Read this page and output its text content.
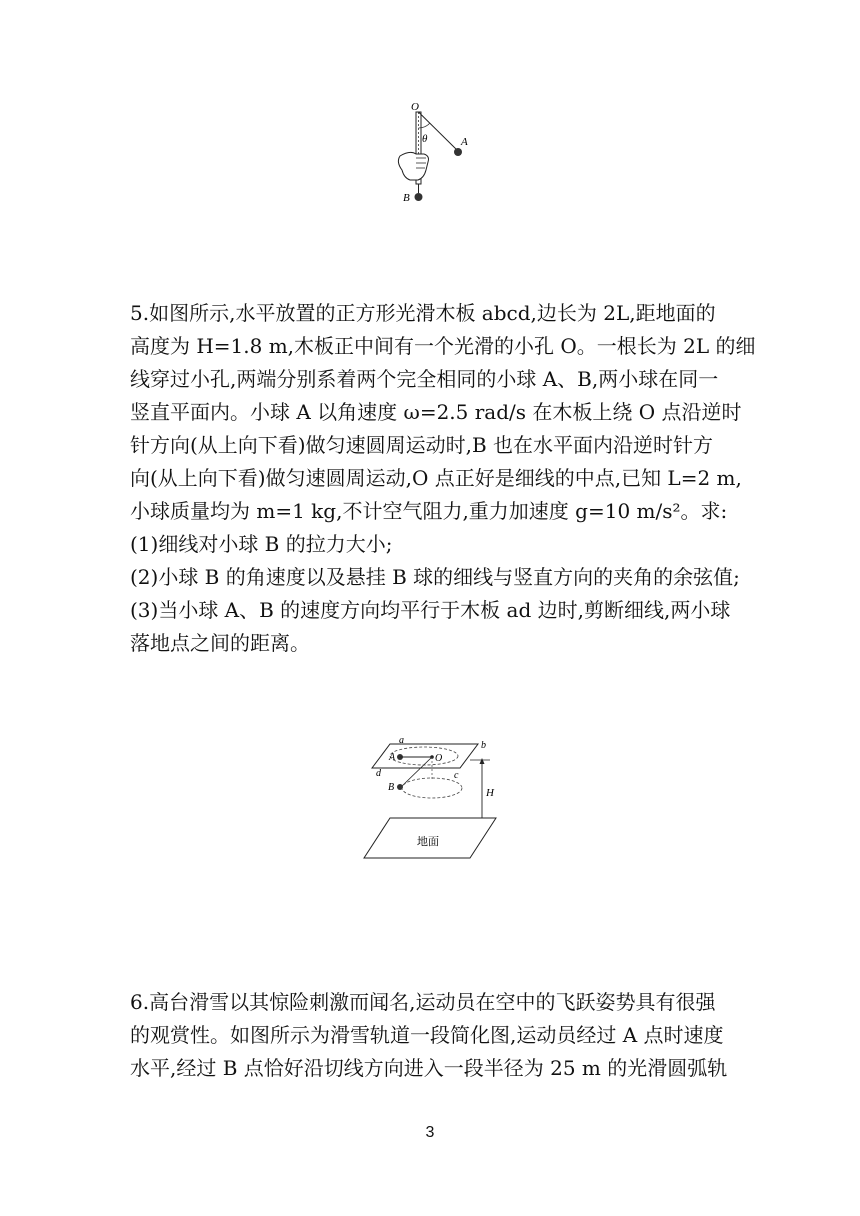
O
θ	A
B
5.如图所示,水平放置的正方形光滑木板 abcd,边长为 2L,距地面的
高度为 H=1.8 m,木板正中间有一个光滑的小孔 O。一根长为 2L 的细
线穿过小孔,两端分别系着两个完全相同的小球 A、B,两小球在同一
竖直平面内。小球 A 以角速度 ω=2.5 rad/s 在木板上绕 O 点沿逆时
针方向(从上向下看)做匀速圆周运动时,B 也在水平面内沿逆时针方
向(从上向下看)做匀速圆周运动,O 点正好是细线的中点,已知 L=2 m,
小球质量均为 m=1 kg,不计空气阻力,重力加速度 g=10 m/s²。求:
(1)细线对小球 B 的拉力大小;
(2)小球 B 的角速度以及悬挂 B 球的细线与竖直方向的夹角的余弦值;
(3)当小球 A、B 的速度方向均平行于木板 ad 边时,剪断细线,两小球
落地点之间的距离。
a	b
c
d
A	O
B	H
地面
6.高台滑雪以其惊险刺激而闻名,运动员在空中的飞跃姿势具有很强
的观赏性。如图所示为滑雪轨道一段简化图,运动员经过 A 点时速度
水平,经过 B 点恰好沿切线方向进入一段半径为 25 m 的光滑圆弧轨
3
